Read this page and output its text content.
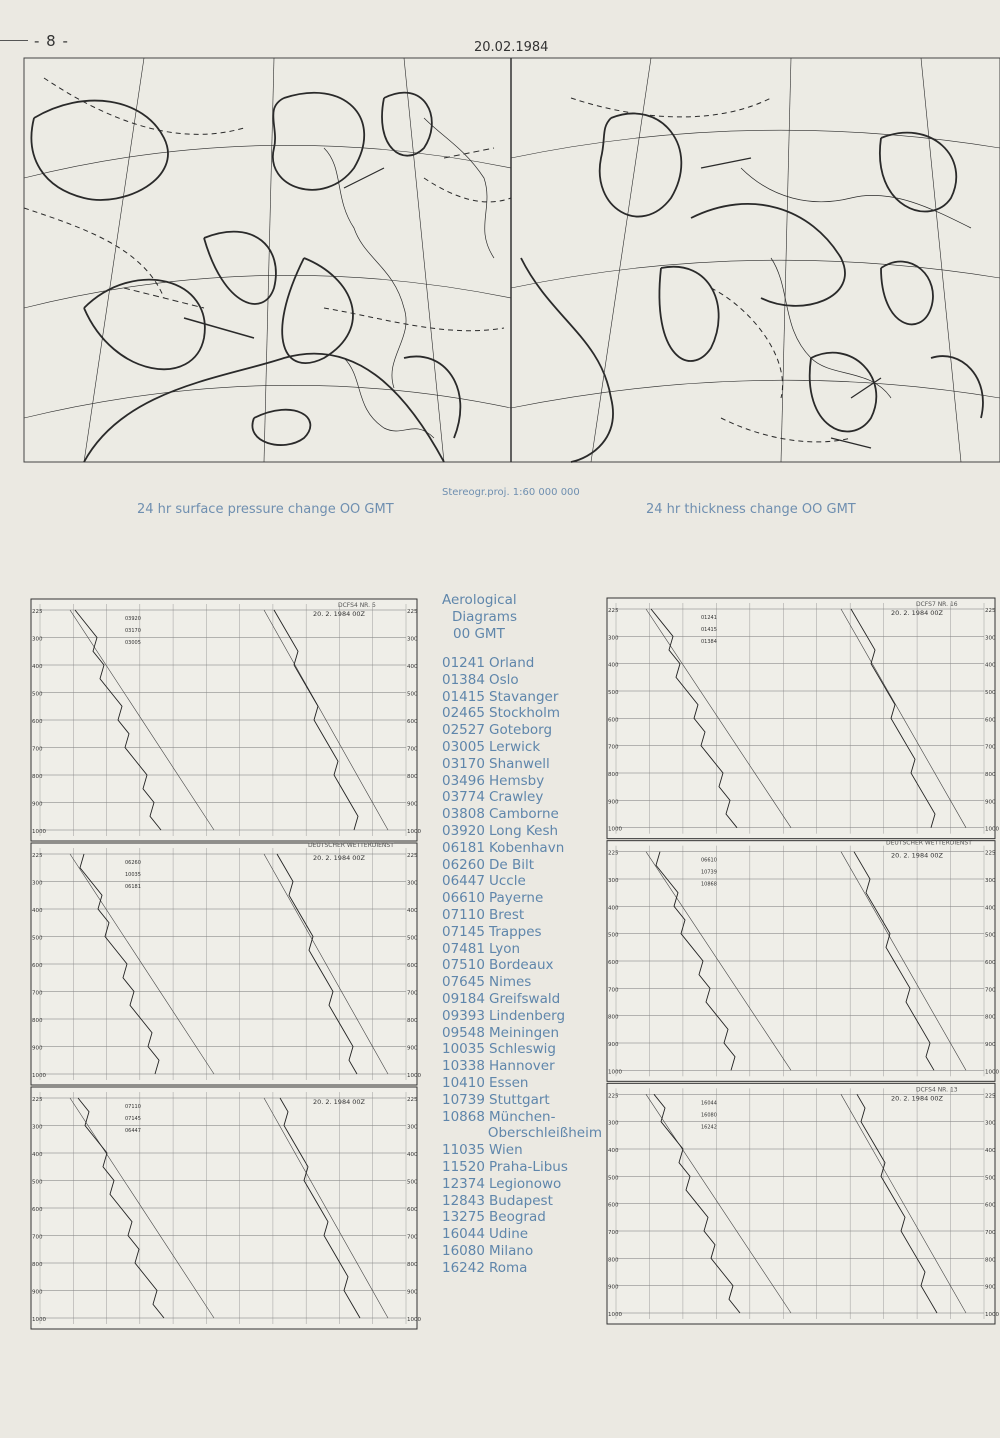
- 8 -	20.02.1984
24 hr surface pressure change OO GMT
Stereogr.proj. 1:60 000 000
24 hr thickness change OO GMT
225	225
300	300
400	400
500	500
600	600
700	700
800	800
900	900
1000	1000
03920
03170
03005
20. 2. 1984 00Z
DCFS4 NR. 5
225	225
300	300
400	400
500	500
600	600
700	700
800	800
900	900
1000	1000
06260
10035
06181
20. 2. 1984 00Z
225	225
300	300
400	400
500	500
600	600
700	700
800	800
900	900
1000	1000
07110
07145
06447
20. 2. 1984 00Z
DEUTSCHER WETTERDIENST
225	225
300	300
400	400
500	500
600	600
700	700
800	800
900	900
1000	1000
01241
01415
01384
20. 2. 1984 00Z
DCFS7 NR. 16
225	225
300	300
400	400
500	500
600	600
700	700
800	800
900	900
1000	1000
06610
10739
10868
20. 2. 1984 00Z
225	225
300	300
400	400
500	500
600	600
700	700
800	800
900	900
1000	1000
16044
16080
16242
20. 2. 1984 00Z
DCFS4 NR. 13
DEUTSCHER WETTERDIENST
Aerological
Diagrams
00 GMT
01241 Orland
01384 Oslo
01415 Stavanger
02465 Stockholm
02527 Goteborg
03005 Lerwick
03170 Shanwell
03496 Hemsby
03774 Crawley
03808 Camborne
03920 Long Kesh
06181 Kobenhavn
06260 De Bilt
06447 Uccle
06610 Payerne
07110 Brest
07145 Trappes
07481 Lyon
07510 Bordeaux
07645 Nimes
09184 Greifswald
09393 Lindenberg
09548 Meiningen
10035 Schleswig
10338 Hannover
10410 Essen
10739 Stuttgart
10868 München-
Oberschleißheim
11035 Wien
11520 Praha-Libus
12374 Legionowo
12843 Budapest
13275 Beograd
16044 Udine
16080 Milano
16242 Roma
